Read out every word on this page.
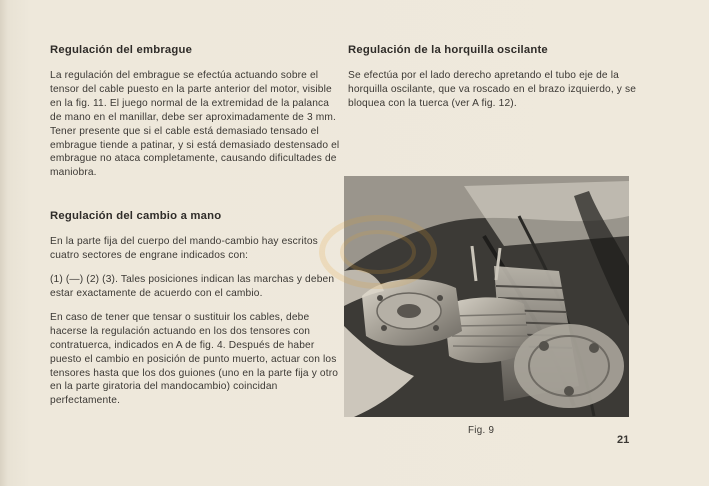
Regulación del embrague

La regulación del embrague se efectúa actuando sobre el tensor del cable puesto en la parte anterior del motor, visible en la fig. 11. El juego normal de la extremidad de la palanca de mano en el manillar, debe ser aproximadamente de 3 mm. Tener presente que si el cable está demasiado tensado el embrague tiende a patinar, y si está demasiado destensado el embrague no ataca completamente, causando dificultades de maniobra.

Regulación del cambio a mano

En la parte fija del cuerpo del mando-cambio hay escritos cuatro sectores de engrane indicados con:

(1) (—) (2) (3). Tales posiciones indican las marchas y deben estar exactamente de acuerdo con el cambio.

En caso de tener que tensar o sustituir los cables, debe hacerse la regulación actuando en los dos tensores con contratuerca, indicados en A de fig. 4. Después de haber puesto el cambio en posición de punto muerto, actuar con los tensores hasta que los dos guiones (uno en la parte fija y otro en la parte giratoria del mandocambio) coincidan perfectamente.

Regulación de la horquilla oscilante

Se efectúa por el lado derecho apretando el tubo eje de la horquilla oscilante, que va roscado en el brazo izquierdo, y se bloquea con la tuerca (ver A fig. 12).

Fig. 9
21
